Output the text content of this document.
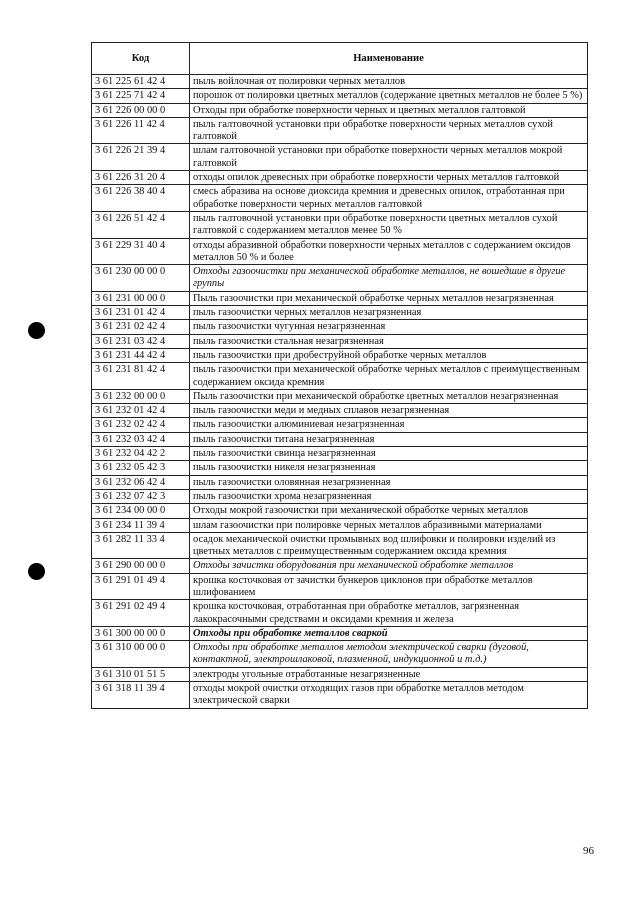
Код	Наименование
3 61 225 61 42 4	пыль войлочная от полировки черных металлов
3 61 225 71 42 4	порошок от полировки цветных металлов (содержание цветных металлов не более 5 %)
3 61 226 00 00 0	Отходы при обработке поверхности черных и цветных металлов галтовкой
3 61 226 11 42 4	пыль галтовочной установки при обработке поверхности черных металлов сухой галтовкой
3 61 226 21 39 4	шлам галтовочной установки при обработке поверхности черных металлов мокрой галтовкой
3 61 226 31 20 4	отходы опилок древесных при обработке поверхности черных металлов галтовкой
3 61 226 38 40 4	смесь абразива на основе диоксида кремния и древесных опилок, отработанная при обработке поверхности черных металлов галтовкой
3 61 226 51 42 4	пыль галтовочной установки при обработке поверхности цветных металлов сухой галтовкой с содержанием металлов менее 50 %
3 61 229 31 40 4	отходы абразивной обработки поверхности черных металлов с содержанием оксидов металлов 50 % и более
3 61 230 00 00 0	Отходы газоочистки при механической обработке металлов, не вошедшие в другие группы
3 61 231 00 00 0	Пыль газоочистки при механической обработке черных металлов незагрязненная
3 61 231 01 42 4	пыль газоочистки черных металлов незагрязненная
3 61 231 02 42 4	пыль газоочистки чугунная незагрязненная
3 61 231 03 42 4	пыль газоочистки стальная незагрязненная
3 61 231 44 42 4	пыль газоочистки при дробеструйной обработке черных металлов
3 61 231 81 42 4	пыль газоочистки при механической обработке черных металлов с преимущественным содержанием оксида кремния
3 61 232 00 00 0	Пыль газоочистки при механической обработке цветных металлов незагрязненная
3 61 232 01 42 4	пыль газоочистки меди и медных сплавов незагрязненная
3 61 232 02 42 4	пыль газоочистки алюминиевая незагрязненная
3 61 232 03 42 4	пыль газоочистки титана незагрязненная
3 61 232 04 42 2	пыль газоочистки свинца незагрязненная
3 61 232 05 42 3	пыль газоочистки никеля незагрязненная
3 61 232 06 42 4	пыль газоочистки оловянная незагрязненная
3 61 232 07 42 3	пыль газоочистки хрома незагрязненная
3 61 234 00 00 0	Отходы мокрой газоочистки при механической обработке черных металлов
3 61 234 11 39 4	шлам газоочистки при полировке черных металлов абразивными материалами
3 61 282 11 33 4	осадок механической очистки промывных вод шлифовки и полировки изделий из цветных металлов с преимущественным содержанием оксида кремния
3 61 290 00 00 0	Отходы зачистки оборудования при механической обработке металлов
3 61 291 01 49 4	крошка косточковая от зачистки бункеров циклонов при обработке металлов шлифованием
3 61 291 02 49 4	крошка косточковая, отработанная при обработке металлов, загрязненная лакокрасочными средствами и оксидами кремния и железа
3 61 300 00 00 0	Отходы при обработке металлов сваркой
3 61 310 00 00 0	Отходы при обработке металлов методом электрической сварки (дуговой, контактной, электрошлаковой, плазменной, индукционной и т.д.)
3 61 310 01 51 5	электроды угольные отработанные незагрязненные
3 61 318 11 39 4	отходы мокрой очистки отходящих газов при обработке металлов методом электрической сварки
96
